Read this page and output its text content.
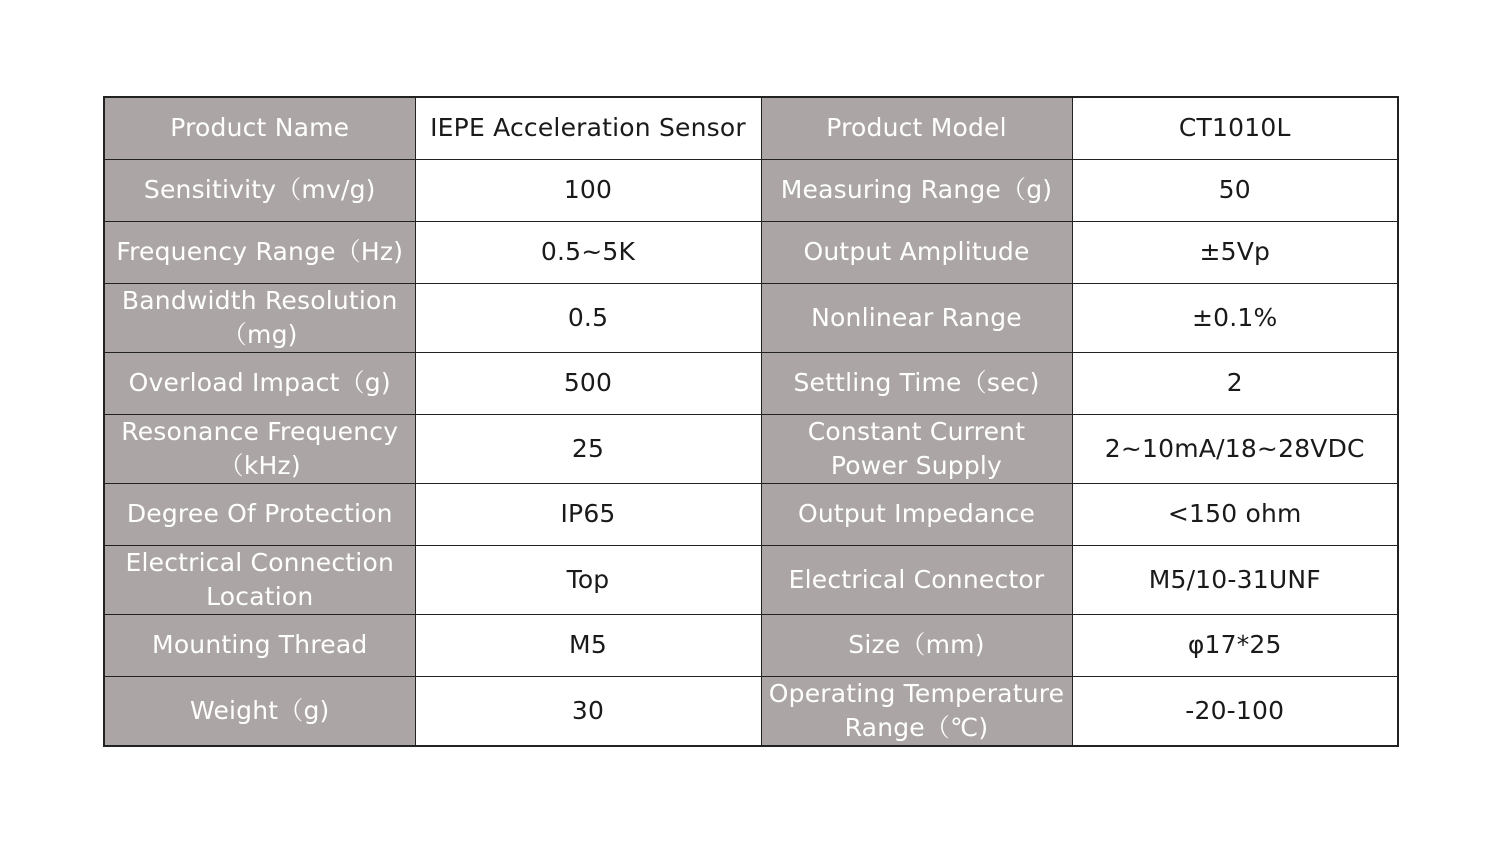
Product Name	IEPE Acceleration Sensor	Product Model	CT1010L
Sensitivity（mv/g)	100	Measuring Range（g)	50
Frequency Range（Hz)	0.5~5K	Output Amplitude	±5Vp
Bandwidth Resolution（mg)	0.5	Nonlinear Range	±0.1%
Overload Impact（g)	500	Settling Time（sec)	2
Resonance Frequency（kHz)	25	Constant Current Power Supply	2~10mA/18~28VDC
Degree Of Protection	IP65	Output Impedance	<150 ohm
Electrical Connection Location	Top	Electrical Connector	M5/10-31UNF
Mounting Thread	M5	Size（mm)	φ17*25
Weight（g)	30	Operating Temperature Range（℃)	-20-100
